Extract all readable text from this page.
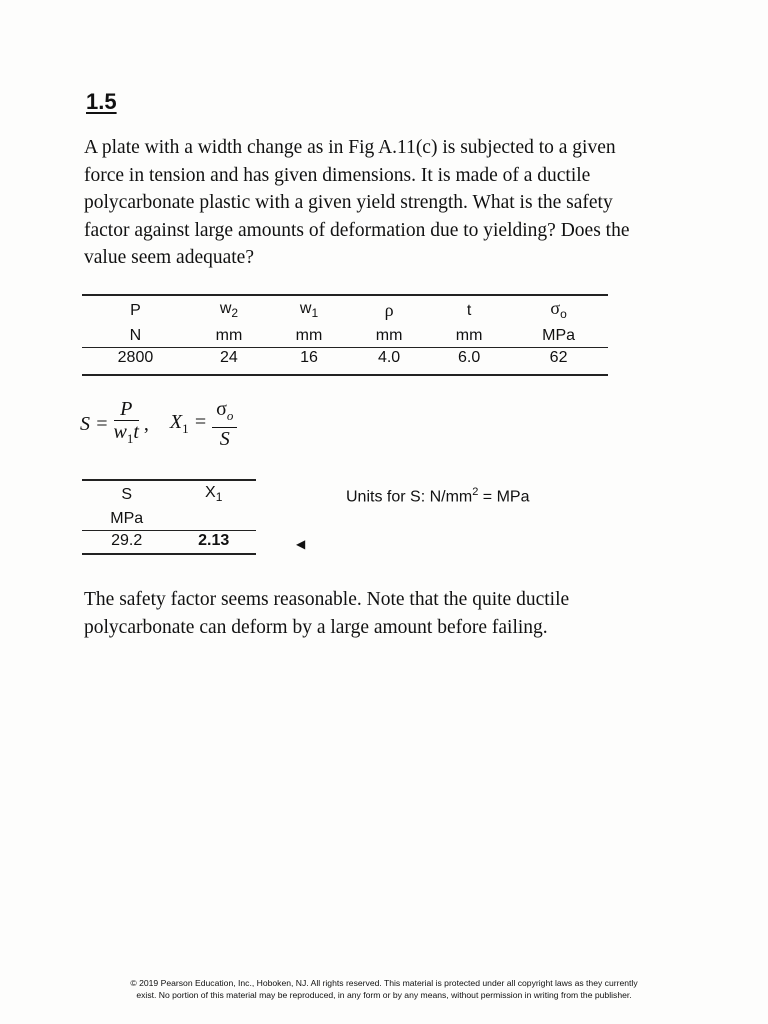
1.5
A plate with a width change as in Fig A.11(c) is subjected to a given
force in tension and has given dimensions. It is made of a ductile
polycarbonate plastic with a given yield strength. What is the safety
factor against large amounts of deformation due to yielding? Does the
value seem adequate?
P	$w_2$	$w_1$	ρ	t	$\sigma_o$
N	mm	mm	mm	mm	MPa
2800	24	16	4.0	6.0	62
$S = \frac{P}{w_1t}$ , $X_1 = \frac{\sigma_o}{S}$
S	$X_1$
MPa	
29.2	2.13
Units for S: $N/mm^2$ = MPa
◀
The safety factor seems reasonable. Note that the quite ductile
polycarbonate can deform by a large amount before failing.
© 2019 Pearson Education, Inc., Hoboken, NJ. All rights reserved. This material is protected under all copyright laws as they currently
exist. No portion of this material may be reproduced, in any form or by any means, without permission in writing from the publisher.
